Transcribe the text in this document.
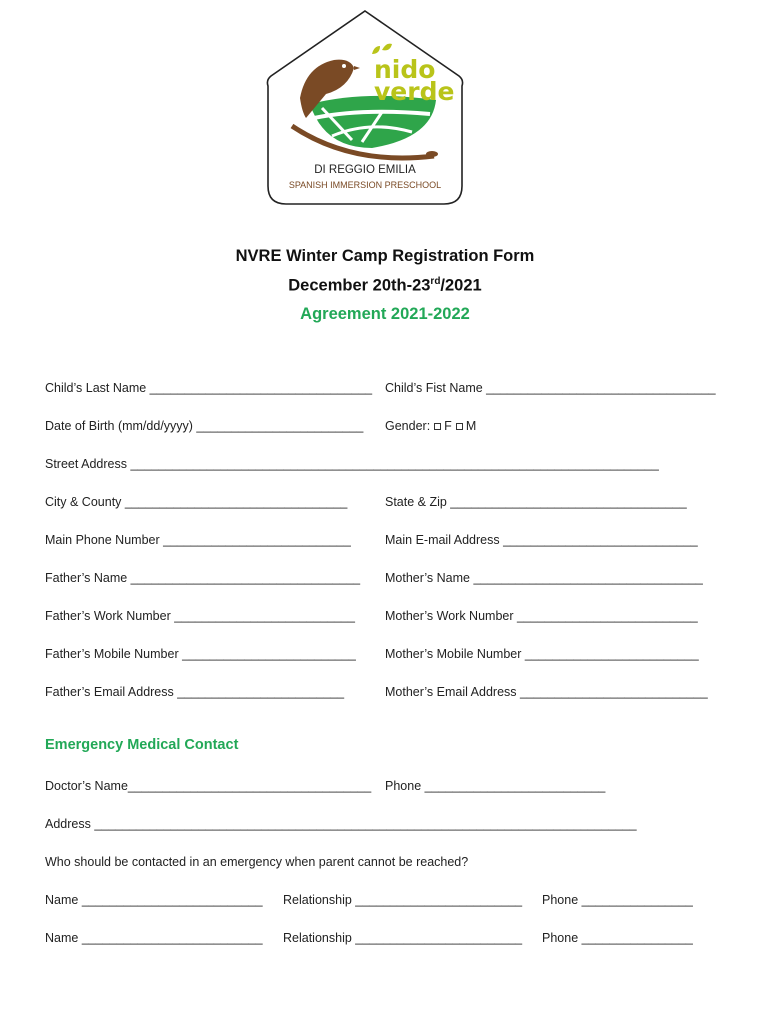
nido
verde
DI REGGIO EMILIA
SPANISH IMMERSION PRESCHOOL
NVRE Winter Camp Registration Form
December 20th-23rd/2021
Agreement 2021-2022
Child’s Last Name ________________________________ Child’s Fist Name _________________________________
Date of Birth (mm/dd/yyyy) ________________________ Gender: F M
Street Address ____________________________________________________________________________
City & County ________________________________	State & Zip __________________________________
Main Phone Number ___________________________	Main E-mail Address ____________________________
Father’s Name _________________________________ Mother’s Name _________________________________
Father’s Work Number __________________________ Mother’s Work Number __________________________
Father’s Mobile Number _________________________ Mother’s Mobile Number _________________________
Father’s Email Address ________________________	Mother’s Email Address ___________________________
Emergency Medical Contact
Doctor’s Name___________________________________ Phone __________________________
Address ______________________________________________________________________________
Who should be contacted in an emergency when parent cannot be reached?
Name __________________________ Relationship ________________________ Phone ________________
Name __________________________ Relationship ________________________ Phone ________________
